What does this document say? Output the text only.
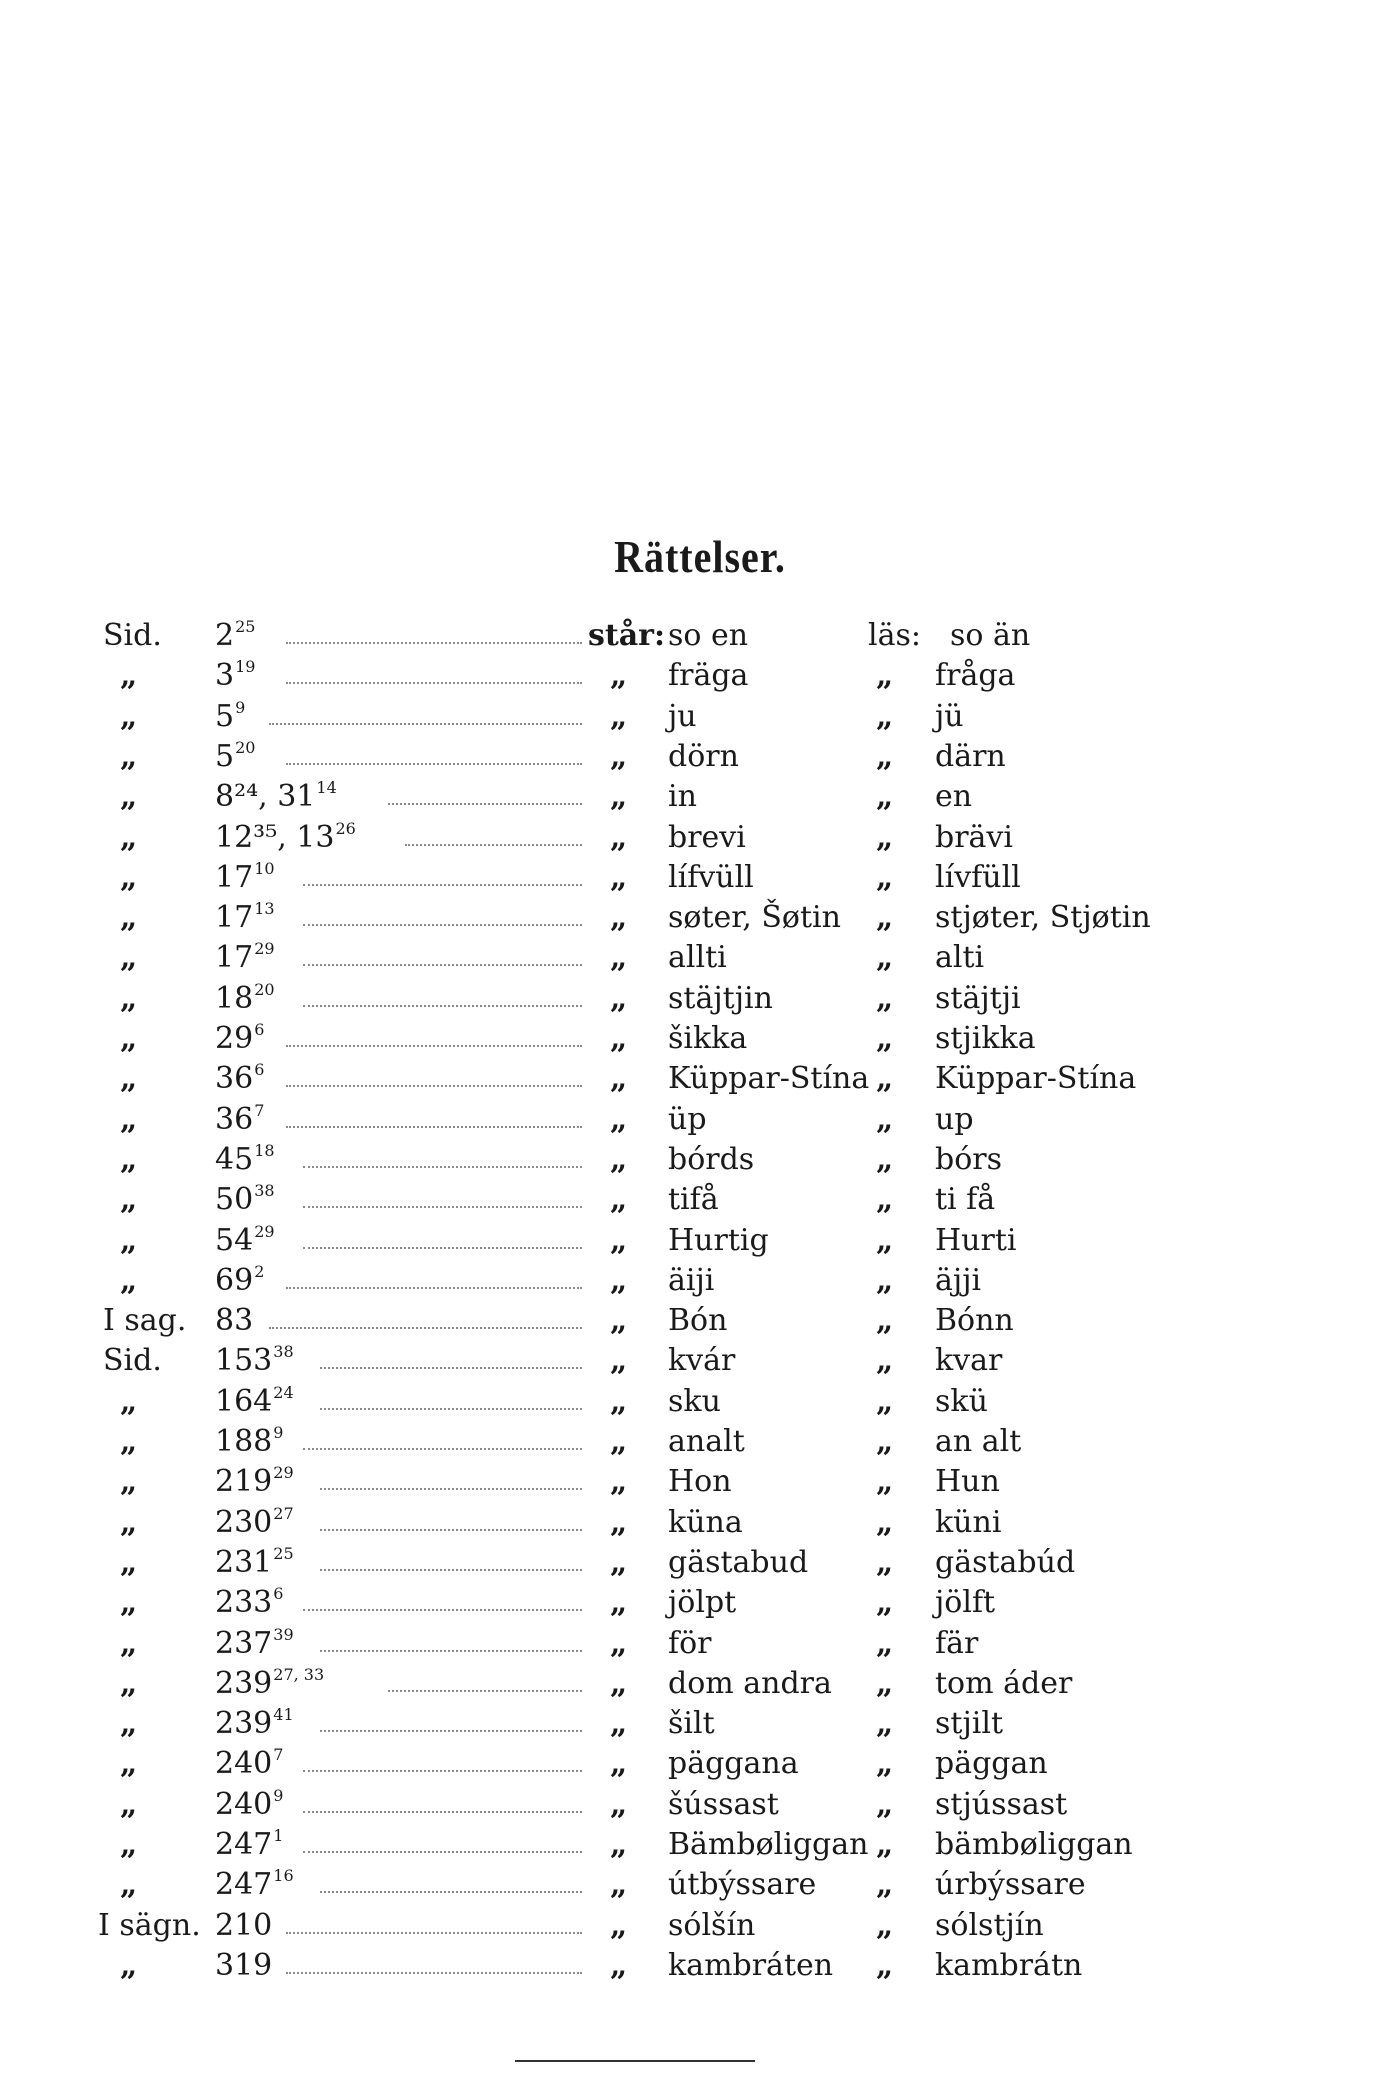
Rättelser.
Sid. $2^{25}$	står: so en	läs: so än
„	$3^{19}$	„ fräga	„ fråga
„	$5^9$	„ ju	„ jü
„	$5^{20}$	„ dörn	„ därn
„	8²⁴, $31^{14}$	„ in	„ en
„	12³⁵, $13^{26}$	„ brevi	„ brävi
„	$17^{10}$	„ lífvüll	„ lívfüll
„	$17^{13}$	„ søter, Šøtin „ stjøter, Stjøtin
„	$17^{29}$	„ allti	„ alti
„	$18^{20}$	„ stäjtjin	„ stäjtji
„	$29^6$	„ šikka	„ stjikka
„	$36^6$	„ Küppar-Stína „ Küppar-Stína
„	$36^7$	„ üp	„ up
„	$45^{18}$	„ bórds	„ bórs
„	$50^{38}$	„ tifå	„ ti få
„	$54^{29}$	„ Hurtig	„ Hurti
„	$69^2$	„ äiji	„ äjji
I sag. 83	„ Bón	„ Bónn
Sid. $153^{38}$	„ kvár	„ kvar
„	$164^{24}$	„ sku	„ skü
„	$188^9$	„ analt	„ an alt
„	$219^{29}$	„ Hon	„ Hun
„	$230^{27}$	„ küna	„ küni
„	$231^{25}$	„ gästabud „ gästabúd
„	$233^6$	„ jölpt	„ jölft
„	$237^{39}$	„ för	„ fär
„	239$^{27, 33}$	„ dom andra „ tom áder
„	$239^{41}$	„ šilt	„ stjilt
„	$240^7$	„ päggana	„ päggan
„	$240^9$	„ šússast	„ stjússast
„	$247^1$	„ Bämbøliggan „ bämbøliggan
„	$247^{16}$	„ útbýssare „ úrbýssare
I sägn. 210	„ sólšín	„ sólstjín
„	319	„ kambráten „ kambrátn
